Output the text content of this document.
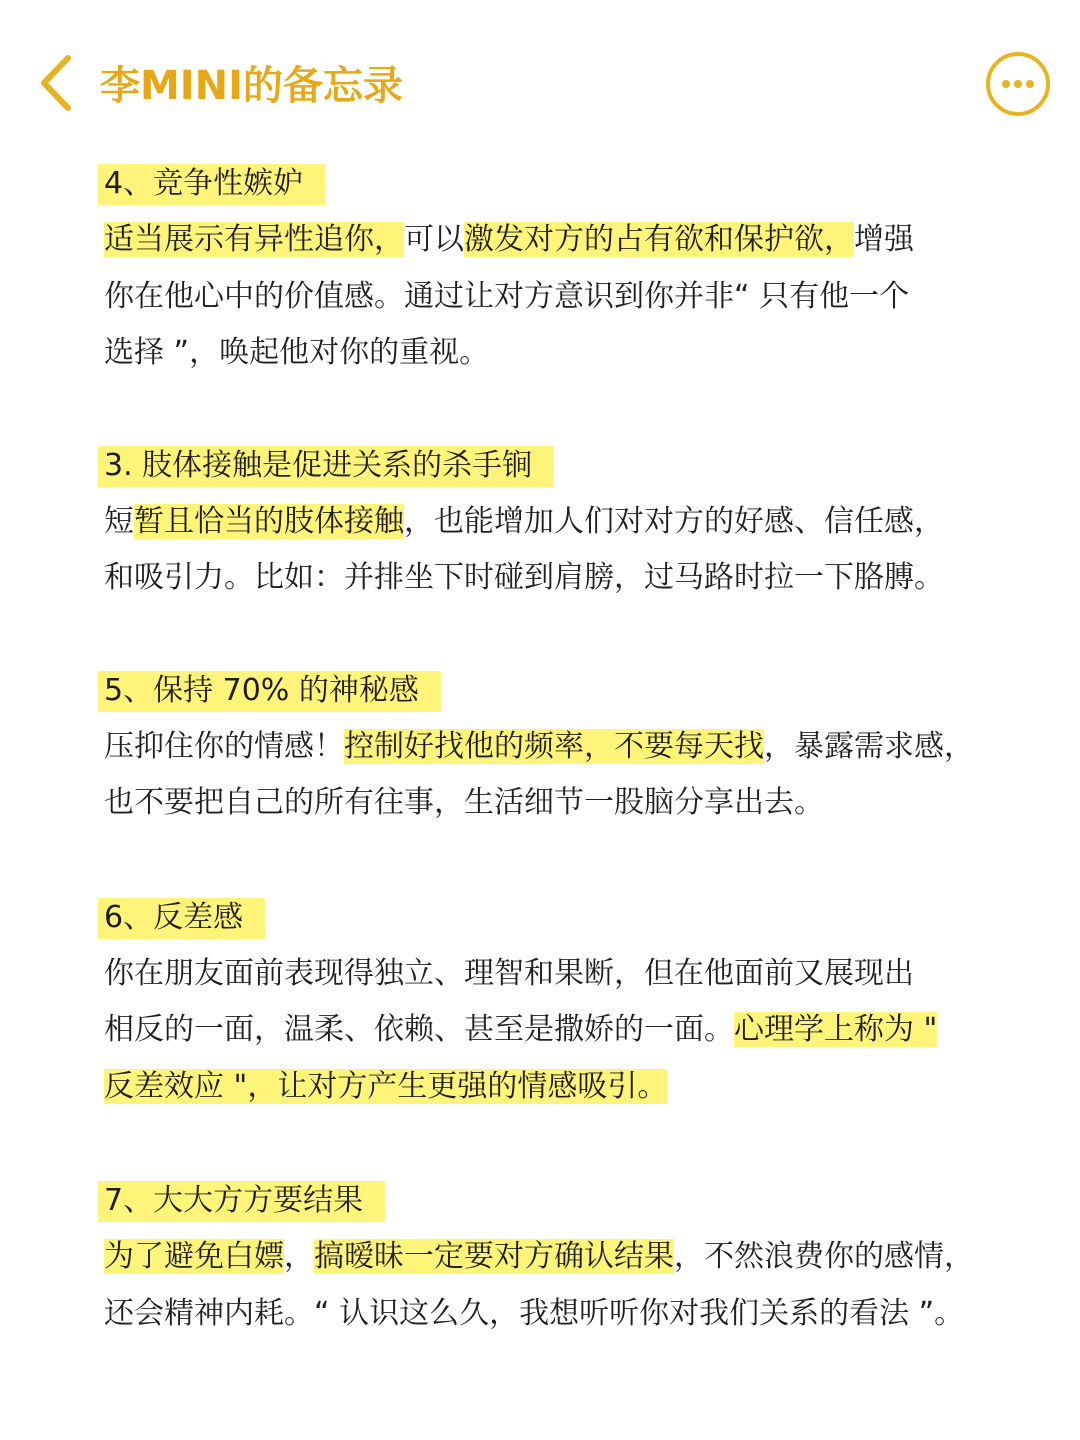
李MINI的备忘录
4、竞争性嫉妒

适当展示有异性追你，可以激发对方的占有欲和保护欲，增强

你在他心中的价值感。通过让对方意识到你并非“ 只有他一个

选择 ”，唤起他对你的重视。

3. 肢体接触是促进关系的杀手锏

短暂且恰当的肢体接触，也能增加人们对对方的好感、信任感，

和吸引力。比如：并排坐下时碰到肩膀，过马路时拉一下胳膊。

5、保持 70% 的神秘感

压抑住你的情感！控制好找他的频率，不要每天找，暴露需求感，

也不要把自己的所有往事，生活细节一股脑分享出去。

6、反差感

你在朋友面前表现得独立、理智和果断，但在他面前又展现出

相反的一面，温柔、依赖、甚至是撒娇的一面。心理学上称为 "

反差效应 "，让对方产生更强的情感吸引。

7、大大方方要结果

为了避免白嫖，搞暧昧一定要对方确认结果，不然浪费你的感情，

还会精神内耗。“ 认识这么久，我想听听你对我们关系的看法 ”。
